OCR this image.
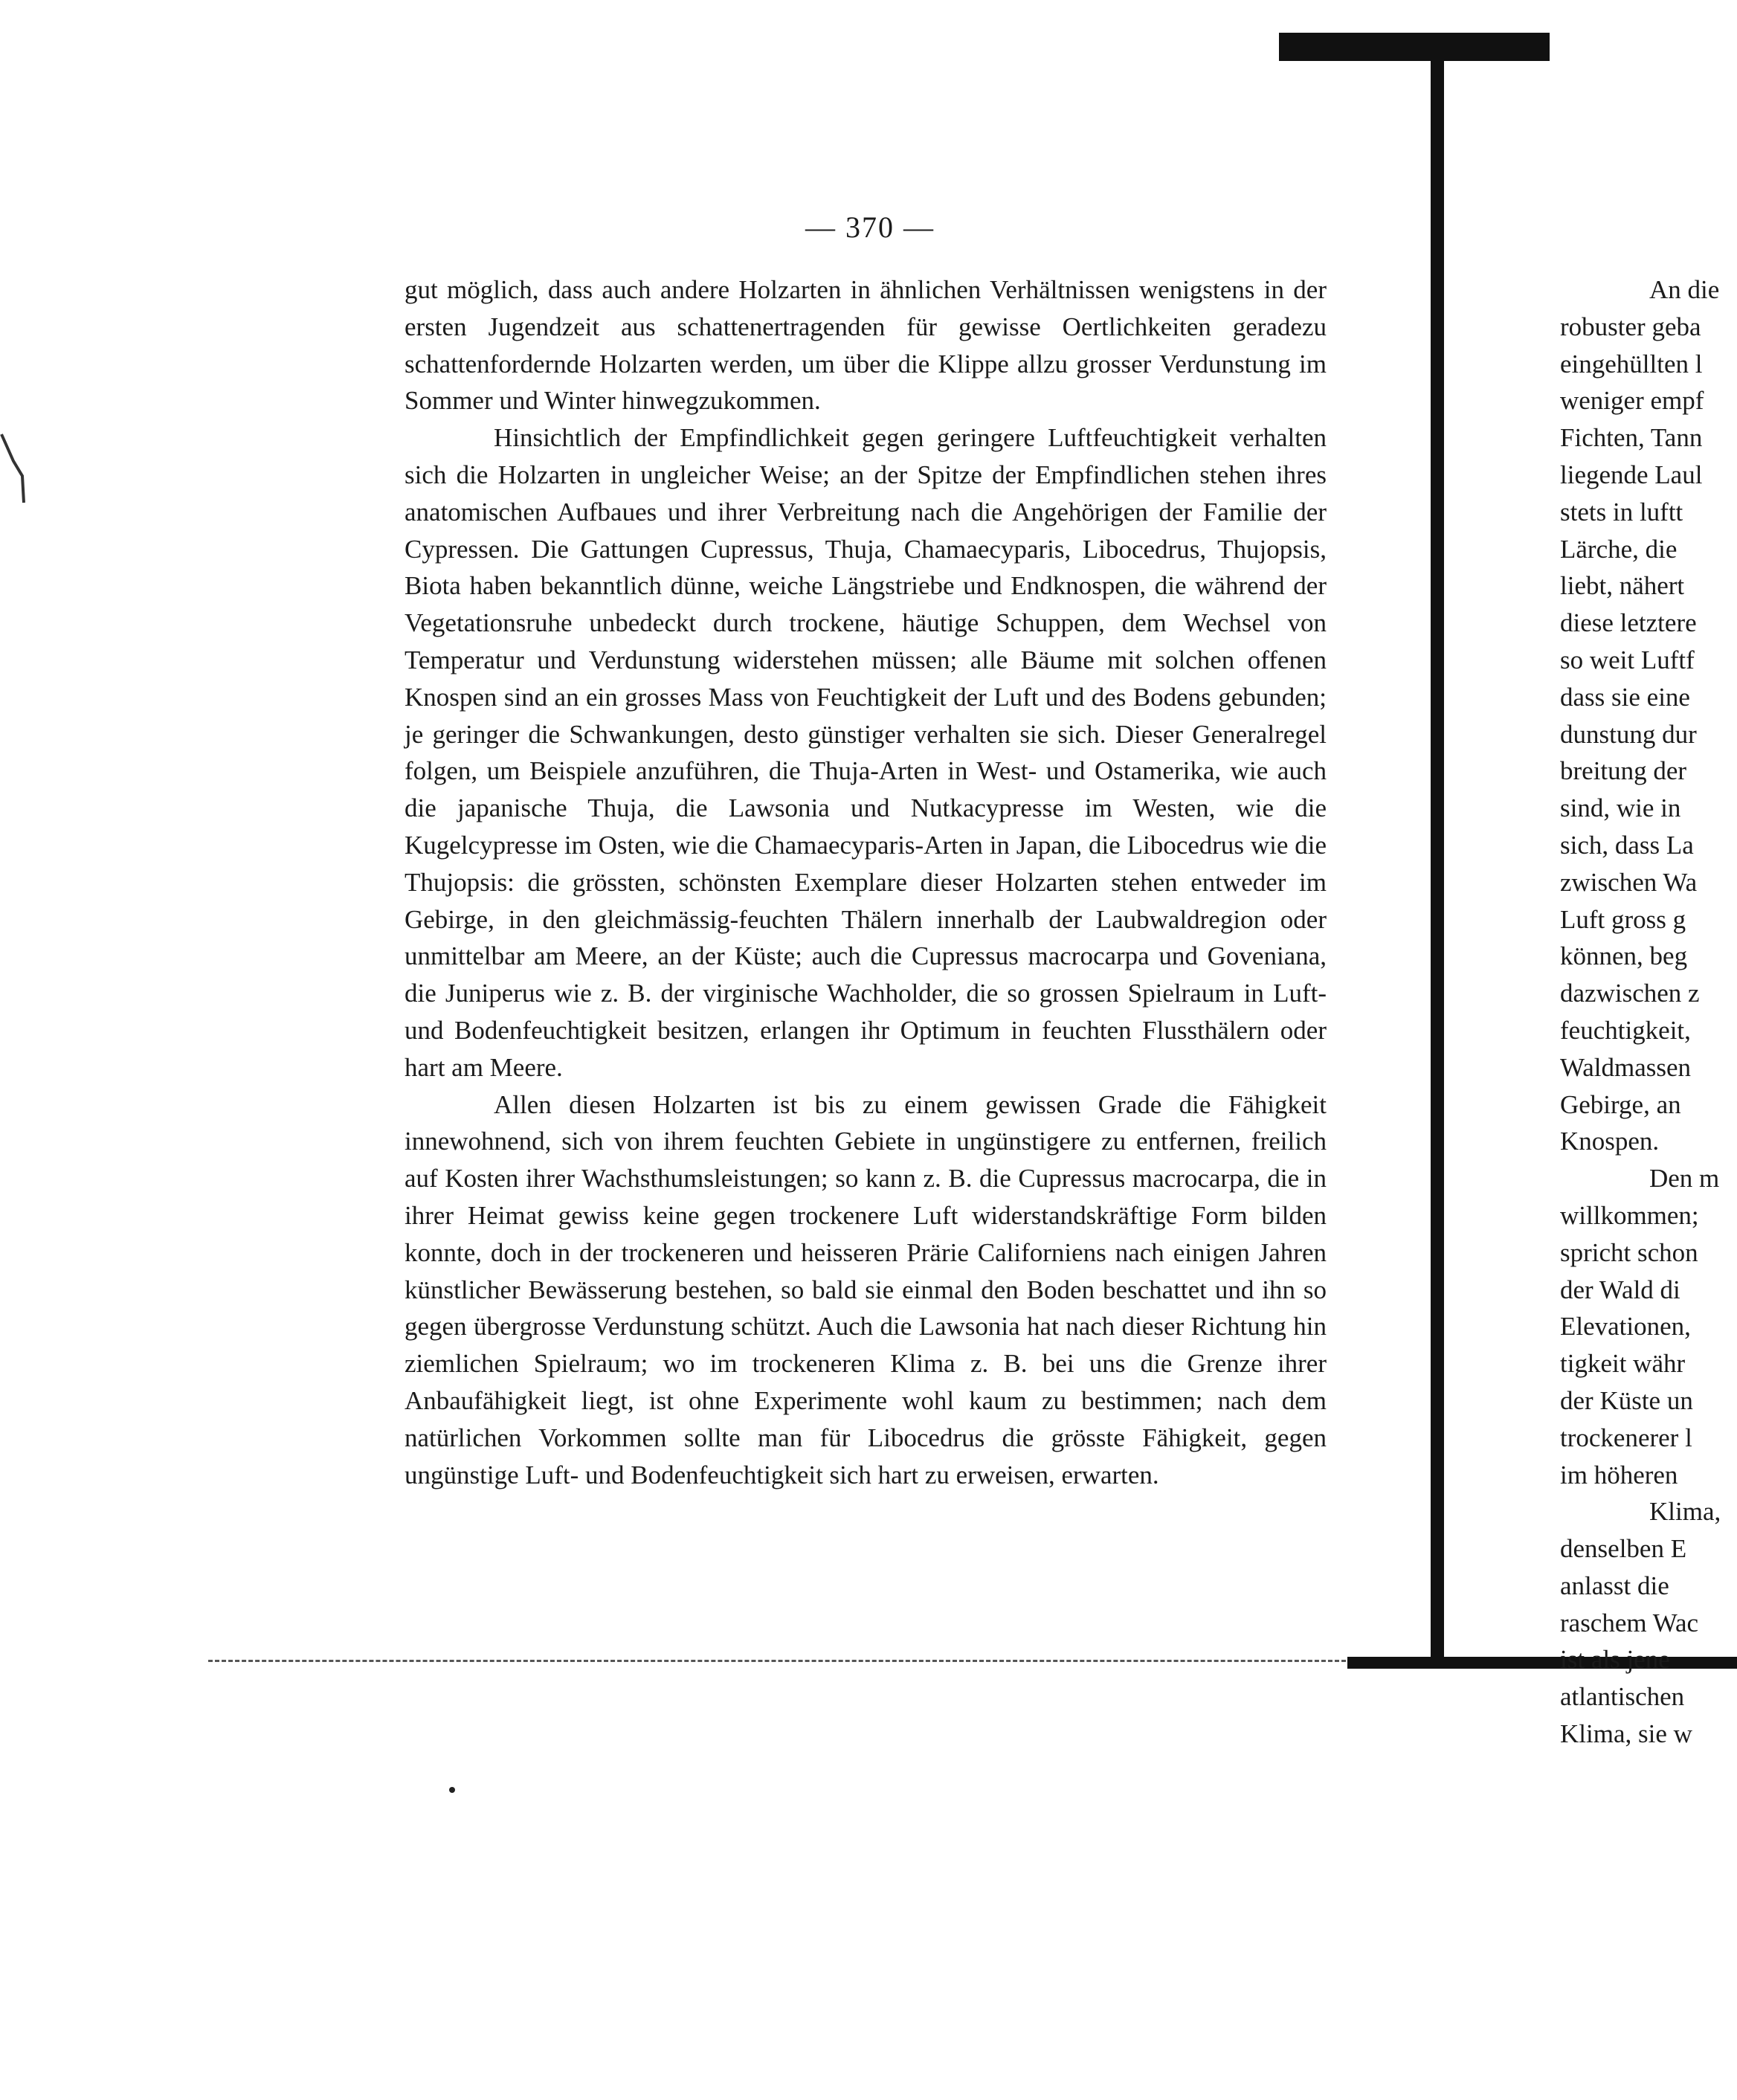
— 370 —

gut möglich, dass auch andere Holzarten in ähnlichen Verhältnissen wenigstens in der ersten Jugendzeit aus schattenertragenden für gewisse Oertlichkeiten geradezu schattenfordernde Holzarten werden, um über die Klippe allzu grosser Verdunstung im Sommer und Winter hinwegzukommen.

Hinsichtlich der Empfindlichkeit gegen geringere Luftfeuchtigkeit verhalten sich die Holzarten in ungleicher Weise; an der Spitze der Empfindlichen stehen ihres anatomischen Aufbaues und ihrer Verbreitung nach die Angehörigen der Familie der Cypressen. Die Gattungen Cupressus, Thuja, Chamaecyparis, Libocedrus, Thujopsis, Biota haben bekanntlich dünne, weiche Längstriebe und Endknospen, die während der Vegetationsruhe unbedeckt durch trockene, häutige Schuppen, dem Wechsel von Temperatur und Verdunstung widerstehen müssen; alle Bäume mit solchen offenen Knospen sind an ein grosses Mass von Feuchtigkeit der Luft und des Bodens gebunden; je geringer die Schwankungen, desto günstiger verhalten sie sich. Dieser Generalregel folgen, um Beispiele anzuführen, die Thuja-Arten in West- und Ostamerika, wie auch die japanische Thuja, die Lawsonia und Nutkacypresse im Westen, wie die Kugelcypresse im Osten, wie die Chamaecyparis-Arten in Japan, die Libocedrus wie die Thujopsis: die grössten, schönsten Exemplare dieser Holzarten stehen entweder im Gebirge, in den gleichmässig-feuchten Thälern innerhalb der Laubwaldregion oder unmittelbar am Meere, an der Küste; auch die Cupressus macrocarpa und Goveniana, die Juniperus wie z. B. der virginische Wachholder, die so grossen Spielraum in Luft- und Bodenfeuchtigkeit besitzen, erlangen ihr Optimum in feuchten Flussthälern oder hart am Meere.

Allen diesen Holzarten ist bis zu einem gewissen Grade die Fähigkeit innewohnend, sich von ihrem feuchten Gebiete in ungünstigere zu entfernen, freilich auf Kosten ihrer Wachsthumsleistungen; so kann z. B. die Cupressus macrocarpa, die in ihrer Heimat gewiss keine gegen trockenere Luft widerstandskräftige Form bilden konnte, doch in der trockeneren und heisseren Prärie Californiens nach einigen Jahren künstlicher Bewässerung bestehen, so bald sie einmal den Boden beschattet und ihn so gegen übergrosse Verdunstung schützt. Auch die Lawsonia hat nach dieser Richtung hin ziemlichen Spielraum; wo im trockeneren Klima z. B. bei uns die Grenze ihrer Anbaufähigkeit liegt, ist ohne Experimente wohl kaum zu bestimmen; nach dem natürlichen Vorkommen sollte man für Libocedrus die grösste Fähigkeit, gegen ungünstige Luft- und Bodenfeuchtigkeit sich hart zu erweisen, erwarten.

An die
robuster geba
eingehüllten l
weniger empf
Fichten, Tann
liegende Laul
stets in luftt
Lärche, die
liebt, nähert
diese letztere
so weit Luftf
dass sie eine
dunstung dur
breitung der
sind, wie in
sich, dass La
zwischen Wa
Luft gross g
können, beg
dazwischen z
feuchtigkeit,
Waldmassen
Gebirge, an
Knospen.
Den m
willkommen;
spricht schon
der Wald di
Elevationen,
tigkeit währ
der Küste un
trockenerer l
im höheren
Klima,
denselben E
anlasst die
raschem Wac
ist als jene
atlantischen
Klima, sie w
